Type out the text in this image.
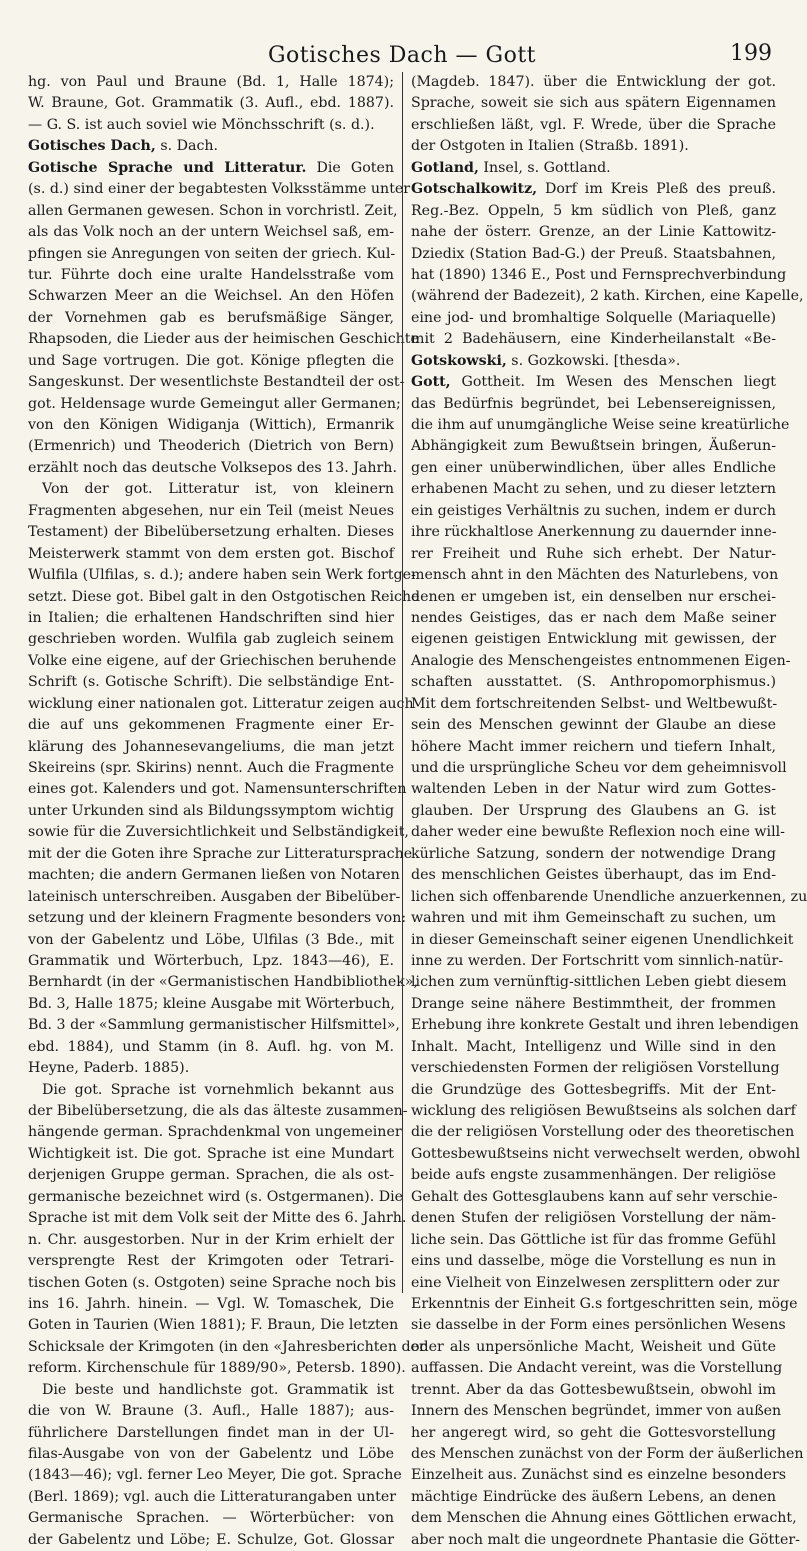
Gotisches Dach — Gott	199
hg. von Paul und Braune (Bd. 1, Halle 1874);
W. Braune, Got. Grammatik (3. Aufl., ebd. 1887).
— G. S. ist auch soviel wie Mönchsschrift (s. d.).
Gotisches Dach, s. Dach.
Gotische Sprache und Litteratur. Die Goten
(s. d.) sind einer der begabtesten Volksstämme unter
allen Germanen gewesen. Schon in vorchristl. Zeit,
als das Volk noch an der untern Weichsel saß, em-
pfingen sie Anregungen von seiten der griech. Kul-
tur. Führte doch eine uralte Handelsstraße vom
Schwarzen Meer an die Weichsel. An den Höfen
der Vornehmen gab es berufsmäßige Sänger,
Rhapsoden, die Lieder aus der heimischen Geschichte
und Sage vortrugen. Die got. Könige pflegten die
Sangeskunst. Der wesentlichste Bestandteil der ost-
got. Heldensage wurde Gemeingut aller Germanen;
von den Königen Widiganja (Wittich), Ermanrik
(Ermenrich) und Theoderich (Dietrich von Bern)
erzählt noch das deutsche Volksepos des 13. Jahrh.
Von der got. Litteratur ist, von kleinern
Fragmenten abgesehen, nur ein Teil (meist Neues
Testament) der Bibelübersetzung erhalten. Dieses
Meisterwerk stammt von dem ersten got. Bischof
Wulfila (Ulfilas, s. d.); andere haben sein Werk fortge-
setzt. Diese got. Bibel galt in den Ostgotischen Reiche
in Italien; die erhaltenen Handschriften sind hier
geschrieben worden. Wulfila gab zugleich seinem
Volke eine eigene, auf der Griechischen beruhende
Schrift (s. Gotische Schrift). Die selbständige Ent-
wicklung einer nationalen got. Litteratur zeigen auch
die auf uns gekommenen Fragmente einer Er-
klärung des Johannesevangeliums, die man jetzt
Skeireins (spr. Skirins) nennt. Auch die Fragmente
eines got. Kalenders und got. Namensunterschriften
unter Urkunden sind als Bildungssymptom wichtig
sowie für die Zuversichtlichkeit und Selbständigkeit,
mit der die Goten ihre Sprache zur Litteratursprache
machten; die andern Germanen ließen von Notaren
lateinisch unterschreiben. Ausgaben der Bibelüber-
setzung und der kleinern Fragmente besonders von:
von der Gabelentz und Löbe, Ulfilas (3 Bde., mit
Grammatik und Wörterbuch, Lpz. 1843—46), E.
Bernhardt (in der «Germanistischen Handbibliothek»,
Bd. 3, Halle 1875; kleine Ausgabe mit Wörterbuch,
Bd. 3 der «Sammlung germanistischer Hilfsmittel»,
ebd. 1884), und Stamm (in 8. Aufl. hg. von M.
Heyne, Paderb. 1885).
Die got. Sprache ist vornehmlich bekannt aus
der Bibelübersetzung, die als das älteste zusammen-
hängende german. Sprachdenkmal von ungemeiner
Wichtigkeit ist. Die got. Sprache ist eine Mundart
derjenigen Gruppe german. Sprachen, die als ost-
germanische bezeichnet wird (s. Ostgermanen). Die
Sprache ist mit dem Volk seit der Mitte des 6. Jahrh.
n. Chr. ausgestorben. Nur in der Krim erhielt der
versprengte Rest der Krimgoten oder Tetrari-
tischen Goten (s. Ostgoten) seine Sprache noch bis
ins 16. Jahrh. hinein. — Vgl. W. Tomaschek, Die
Goten in Taurien (Wien 1881); F. Braun, Die letzten
Schicksale der Krimgoten (in den «Jahresberichten der
reform. Kirchenschule für 1889/90», Petersb. 1890).
Die beste und handlichste got. Grammatik ist
die von W. Braune (3. Aufl., Halle 1887); aus-
führlichere Darstellungen findet man in der Ul-
filas-Ausgabe von von der Gabelentz und Löbe
(1843—46); vgl. ferner Leo Meyer, Die got. Sprache
(Berl. 1869); vgl. auch die Litteraturangaben unter
Germanische Sprachen. — Wörterbücher: von
der Gabelentz und Löbe; E. Schulze, Got. Glossar
(Magdeb. 1847). über die Entwicklung der got.
Sprache, soweit sie sich aus spätern Eigennamen
erschließen läßt, vgl. F. Wrede, über die Sprache
der Ostgoten in Italien (Straßb. 1891).
Gotland, Insel, s. Gottland.
Gotschalkowitz, Dorf im Kreis Pleß des preuß.
Reg.-Bez. Oppeln, 5 km südlich von Pleß, ganz
nahe der österr. Grenze, an der Linie Kattowitz-
Dziedix (Station Bad-G.) der Preuß. Staatsbahnen,
hat (1890) 1346 E., Post und Fernsprechverbindung
(während der Badezeit), 2 kath. Kirchen, eine Kapelle,
eine jod- und bromhaltige Solquelle (Mariaquelle)
mit 2 Badehäusern, eine Kinderheilanstalt «Be-
Gotskowski, s. Gozkowski. [thesda».
Gott, Gottheit. Im Wesen des Menschen liegt
das Bedürfnis begründet, bei Lebensereignissen,
die ihm auf unumgängliche Weise seine kreatürliche
Abhängigkeit zum Bewußtsein bringen, Äußerun-
gen einer unüberwindlichen, über alles Endliche
erhabenen Macht zu sehen, und zu dieser letztern
ein geistiges Verhältnis zu suchen, indem er durch
ihre rückhaltlose Anerkennung zu dauernder inne-
rer Freiheit und Ruhe sich erhebt. Der Natur-
mensch ahnt in den Mächten des Naturlebens, von
denen er umgeben ist, ein denselben nur erschei-
nendes Geistiges, das er nach dem Maße seiner
eigenen geistigen Entwicklung mit gewissen, der
Analogie des Menschengeistes entnommenen Eigen-
schaften ausstattet. (S. Anthropomorphismus.)
Mit dem fortschreitenden Selbst- und Weltbewußt-
sein des Menschen gewinnt der Glaube an diese
höhere Macht immer reichern und tiefern Inhalt,
und die ursprüngliche Scheu vor dem geheimnisvoll
waltenden Leben in der Natur wird zum Gottes-
glauben. Der Ursprung des Glaubens an G. ist
daher weder eine bewußte Reflexion noch eine will-
kürliche Satzung, sondern der notwendige Drang
des menschlichen Geistes überhaupt, das im End-
lichen sich offenbarende Unendliche anzuerkennen, zu
wahren und mit ihm Gemeinschaft zu suchen, um
in dieser Gemeinschaft seiner eigenen Unendlichkeit
inne zu werden. Der Fortschritt vom sinnlich-natür-
lichen zum vernünftig-sittlichen Leben giebt diesem
Drange seine nähere Bestimmtheit, der frommen
Erhebung ihre konkrete Gestalt und ihren lebendigen
Inhalt. Macht, Intelligenz und Wille sind in den
verschiedensten Formen der religiösen Vorstellung
die Grundzüge des Gottesbegriffs. Mit der Ent-
wicklung des religiösen Bewußtseins als solchen darf
die der religiösen Vorstellung oder des theoretischen
Gottesbewußtseins nicht verwechselt werden, obwohl
beide aufs engste zusammenhängen. Der religiöse
Gehalt des Gottesglaubens kann auf sehr verschie-
denen Stufen der religiösen Vorstellung der näm-
liche sein. Das Göttliche ist für das fromme Gefühl
eins und dasselbe, möge die Vorstellung es nun in
eine Vielheit von Einzelwesen zersplittern oder zur
Erkenntnis der Einheit G.s fortgeschritten sein, möge
sie dasselbe in der Form eines persönlichen Wesens
oder als unpersönliche Macht, Weisheit und Güte
auffassen. Die Andacht vereint, was die Vorstellung
trennt. Aber da das Gottesbewußtsein, obwohl im
Innern des Menschen begründet, immer von außen
her angeregt wird, so geht die Gottesvorstellung
des Menschen zunächst von der Form der äußerlichen
Einzelheit aus. Zunächst sind es einzelne besonders
mächtige Eindrücke des äußern Lebens, an denen
dem Menschen die Ahnung eines Göttlichen erwacht,
aber noch malt die ungeordnete Phantasie die Götter-
